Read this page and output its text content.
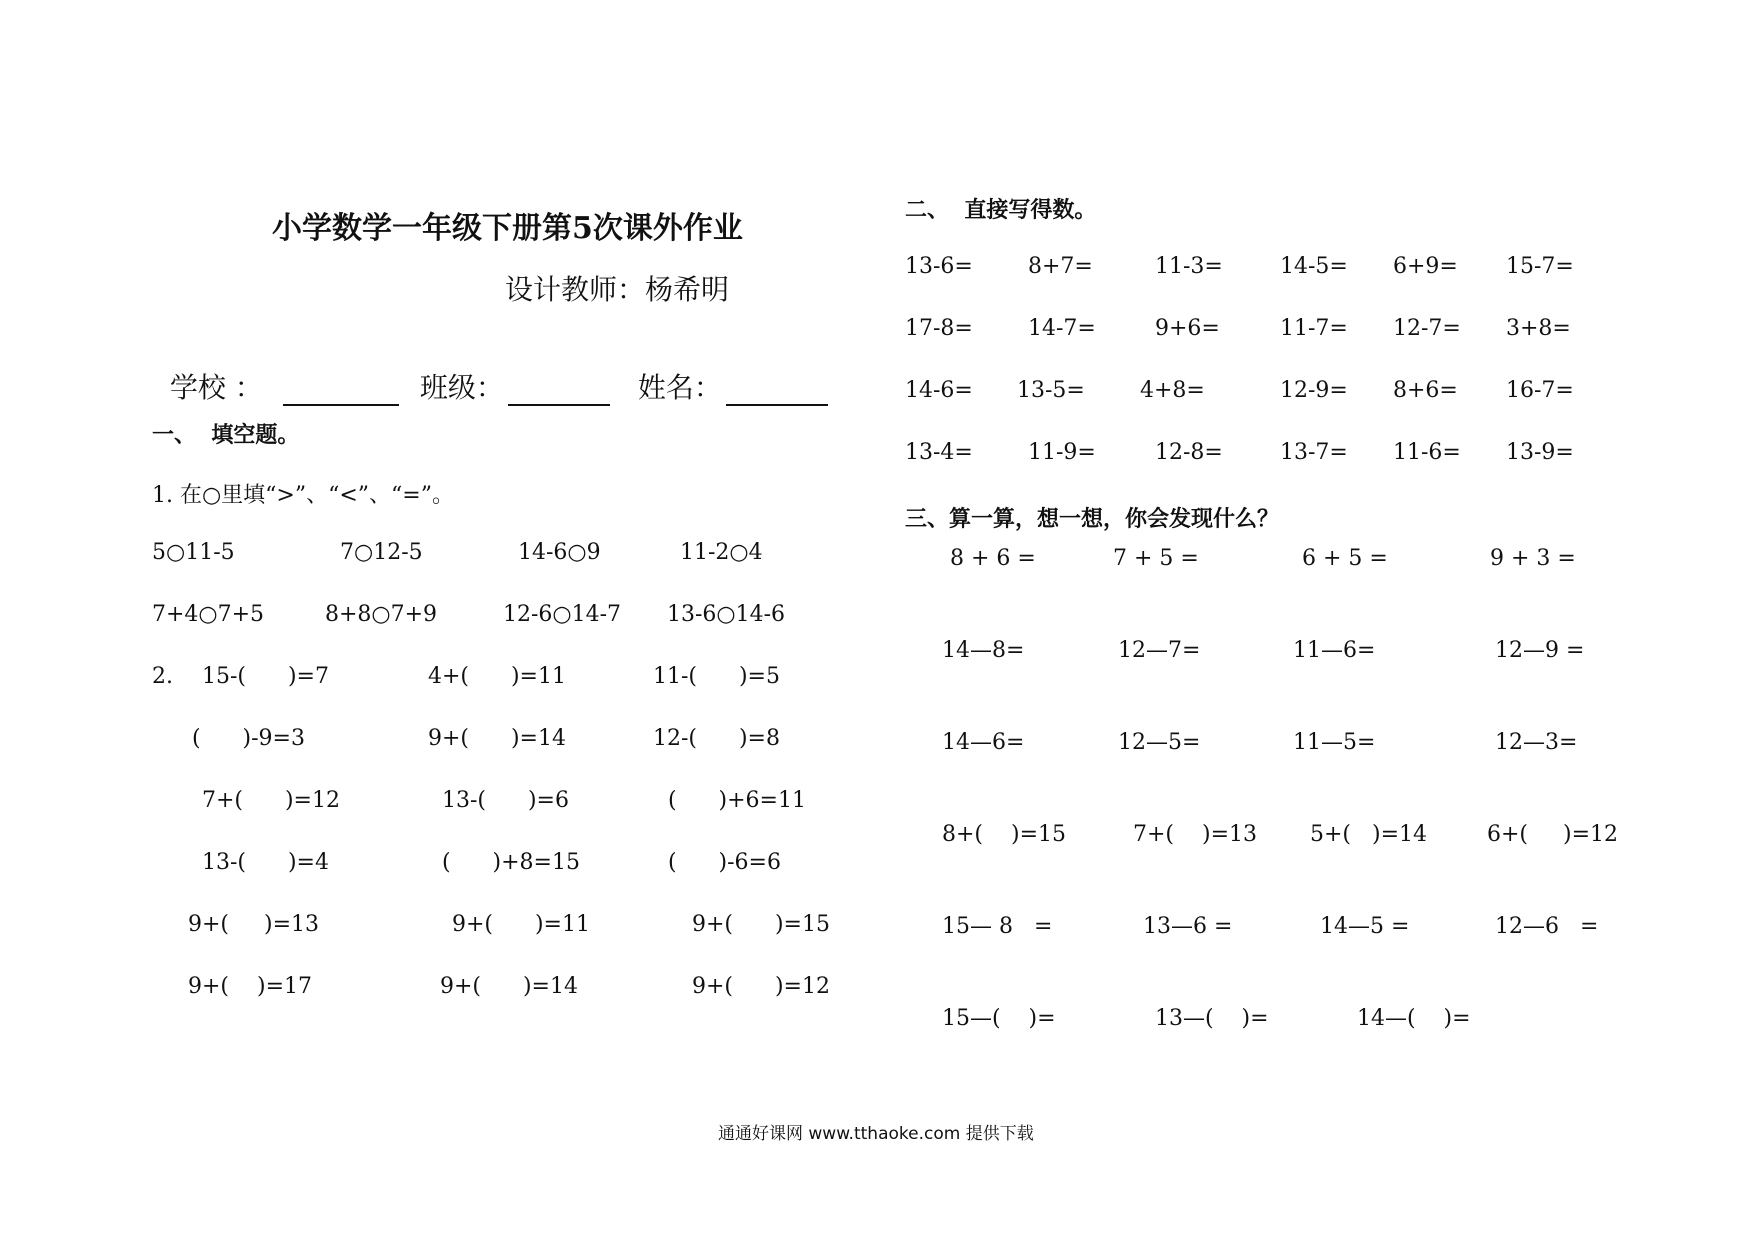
小学数学一年级下册第5次课外作业
设计教师：杨希明

学校 ：	班级：	姓名：

一、  填空题。
1. 在○里填“>”、“<”、“=”。
5○11-5	7○12-5	14-6○9	11-2○4
7+4○7+5	8+8○7+9	12-6○14-7 13-6○14-6
2. 15-(      )=7	4+(      )=11	11-(      )=5
(      )-9=3	9+(      )=14	12-(      )=8
7+(      )=12	13-(      )=6	(      )+6=11
13-(      )=4	(      )+8=15	(      )-6=6
9+(     )=13	9+(      )=11	9+(      )=15
9+(    )=17	9+(      )=14	9+(      )=12
二、  直接写得数。
13-6=	8+7=	11-3=	14-5= 6+9= 15-7=
17-8=	14-7=	9+6=	11-7= 12-7= 3+8=
14-6= 13-5=	4+8=	12-9= 8+6= 16-7=
13-4=	11-9=	12-8=	13-7= 11-6= 13-9=
三、算一算，想一想，你会发现什么？
8 + 6 =	7 + 5 =	6 + 5 =	9 + 3 =
14—8=	12—7=	11—6=	12—9 =
14—6=	12—5=	11—5=	12—3=
8+(    )=15	7+(    )=13 5+(   )=14	6+(     )=12
15— 8   =	13—6 =	14—5 =	12—6   =
15—(    )=	13—(    )=	14—(    )=
通通好课网 www.tthaoke.com 提供下载
